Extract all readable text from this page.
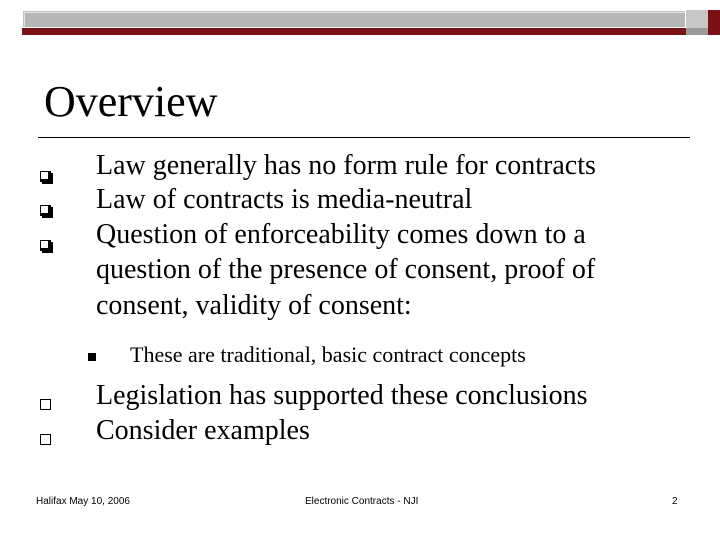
Overview
Law generally has no form rule for contracts
Law of contracts is media-neutral
Question of enforceability comes down to a
question of the presence of consent, proof of
consent, validity of consent:
These are traditional, basic contract concepts
Legislation has supported these conclusions
Consider examples
Halifax May 10, 2006	Electronic Contracts - NJI	2
